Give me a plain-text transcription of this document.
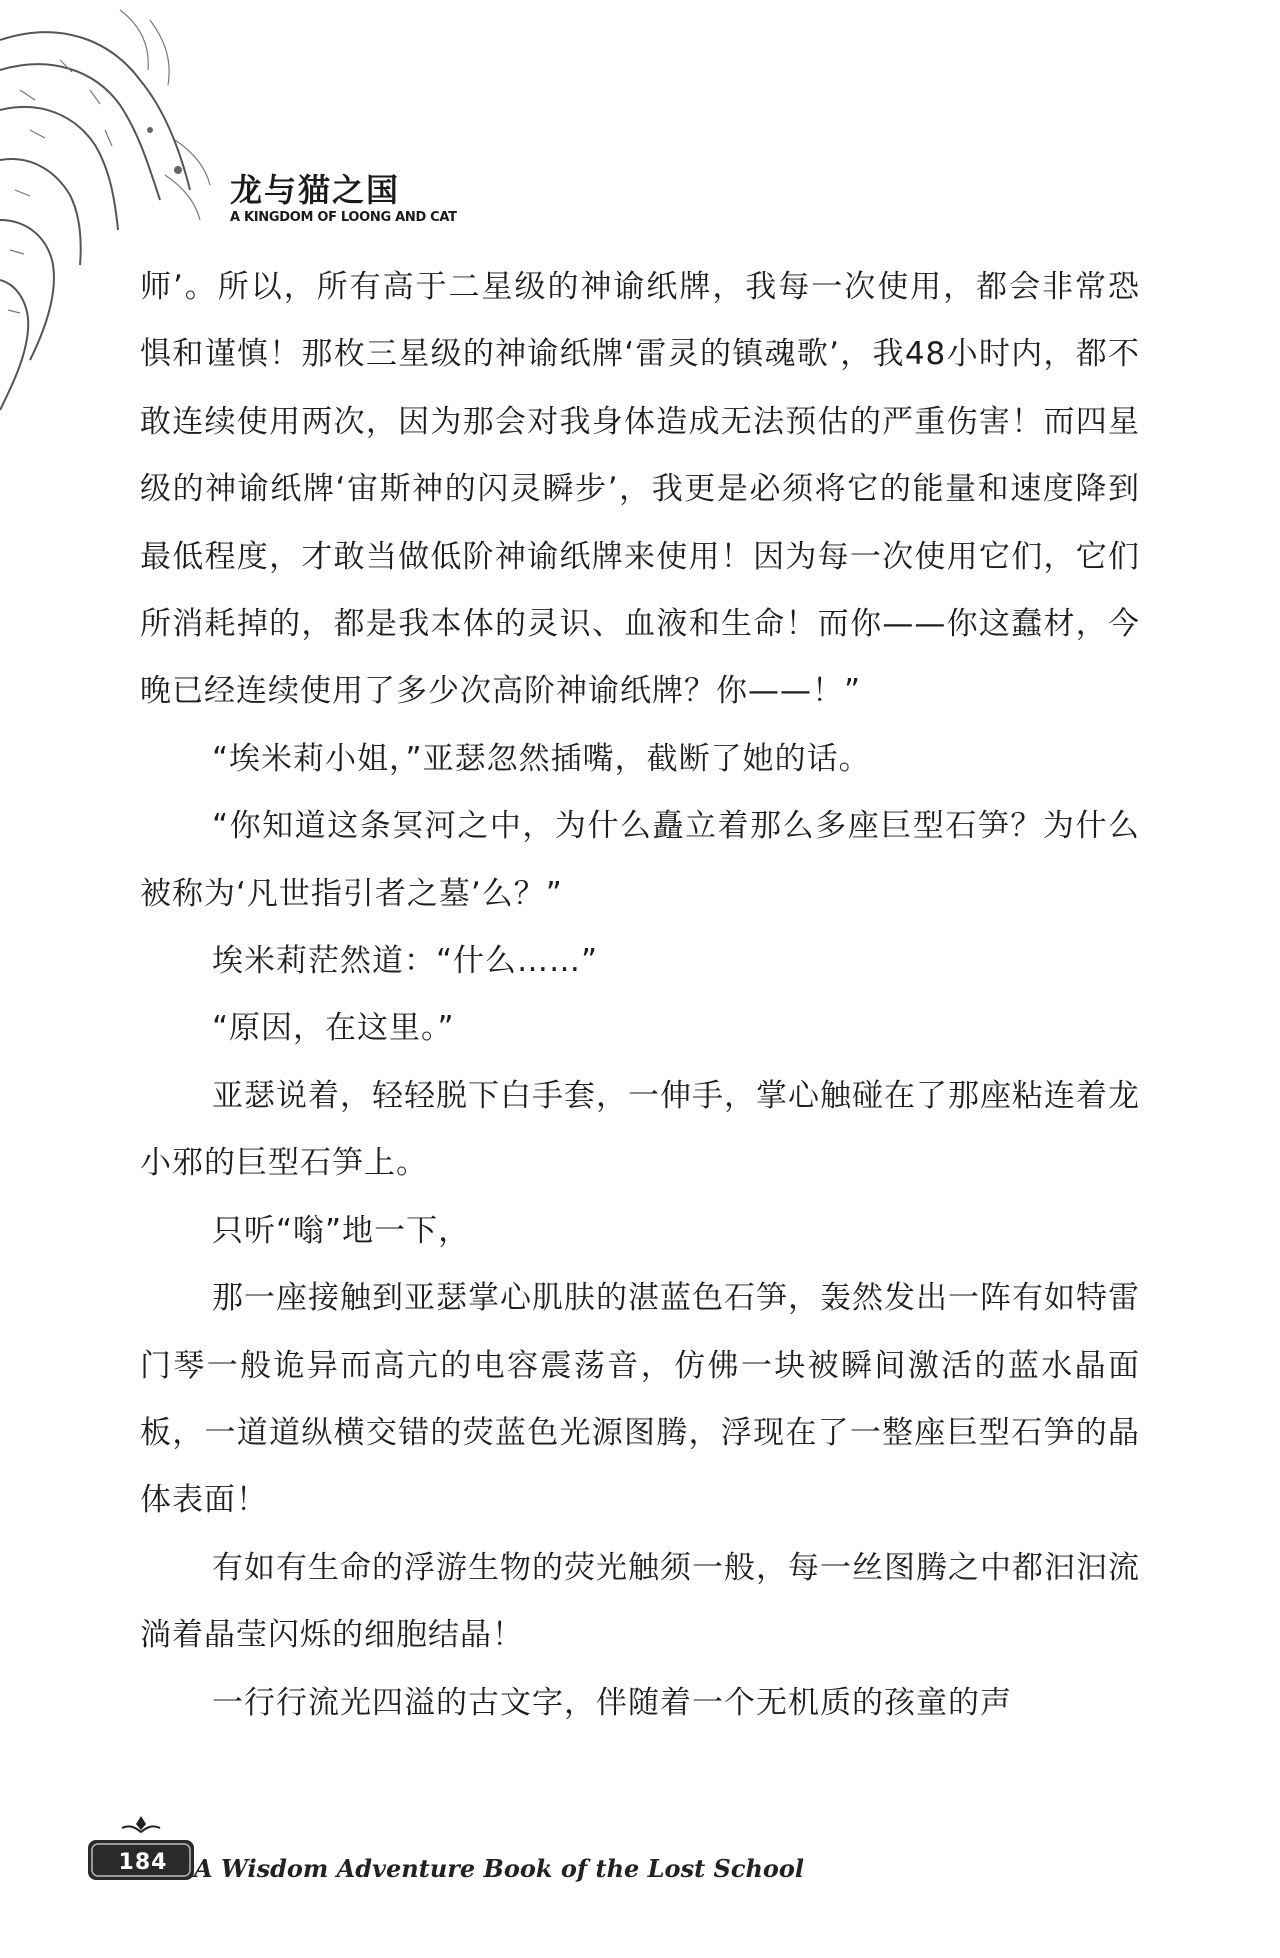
龙与猫之国
A KINGDOM OF LOONG AND CAT

师’。所以，所有高于二星级的神谕纸牌，我每一次使用，都会非常恐惧和谨慎！那枚三星级的神谕纸牌‘雷灵的镇魂歌’，我48小时内，都不敢连续使用两次，因为那会对我身体造成无法预估的严重伤害！而四星级的神谕纸牌‘宙斯神的闪灵瞬步’，我更是必须将它的能量和速度降到最低程度，才敢当做低阶神谕纸牌来使用！因为每一次使用它们，它们所消耗掉的，都是我本体的灵识、血液和生命！而你——你这蠢材，今晚已经连续使用了多少次高阶神谕纸牌？你——！”

“埃米莉小姐，”亚瑟忽然插嘴，截断了她的话。

“你知道这条冥河之中，为什么矗立着那么多座巨型石笋？为什么被称为‘凡世指引者之墓’么？”

埃米莉茫然道：“什么……”

“原因，在这里。”

亚瑟说着，轻轻脱下白手套，一伸手，掌心触碰在了那座粘连着龙小邪的巨型石笋上。

只听“嗡”地一下，

那一座接触到亚瑟掌心肌肤的湛蓝色石笋，轰然发出一阵有如特雷门琴一般诡异而高亢的电容震荡音，仿佛一块被瞬间激活的蓝水晶面板，一道道纵横交错的荧蓝色光源图腾，浮现在了一整座巨型石笋的晶体表面！

有如有生命的浮游生物的荧光触须一般，每一丝图腾之中都汩汩流淌着晶莹闪烁的细胞结晶！

一行行流光四溢的古文字，伴随着一个无机质的孩童的声

184	A Wisdom Adventure Book of the Lost School
